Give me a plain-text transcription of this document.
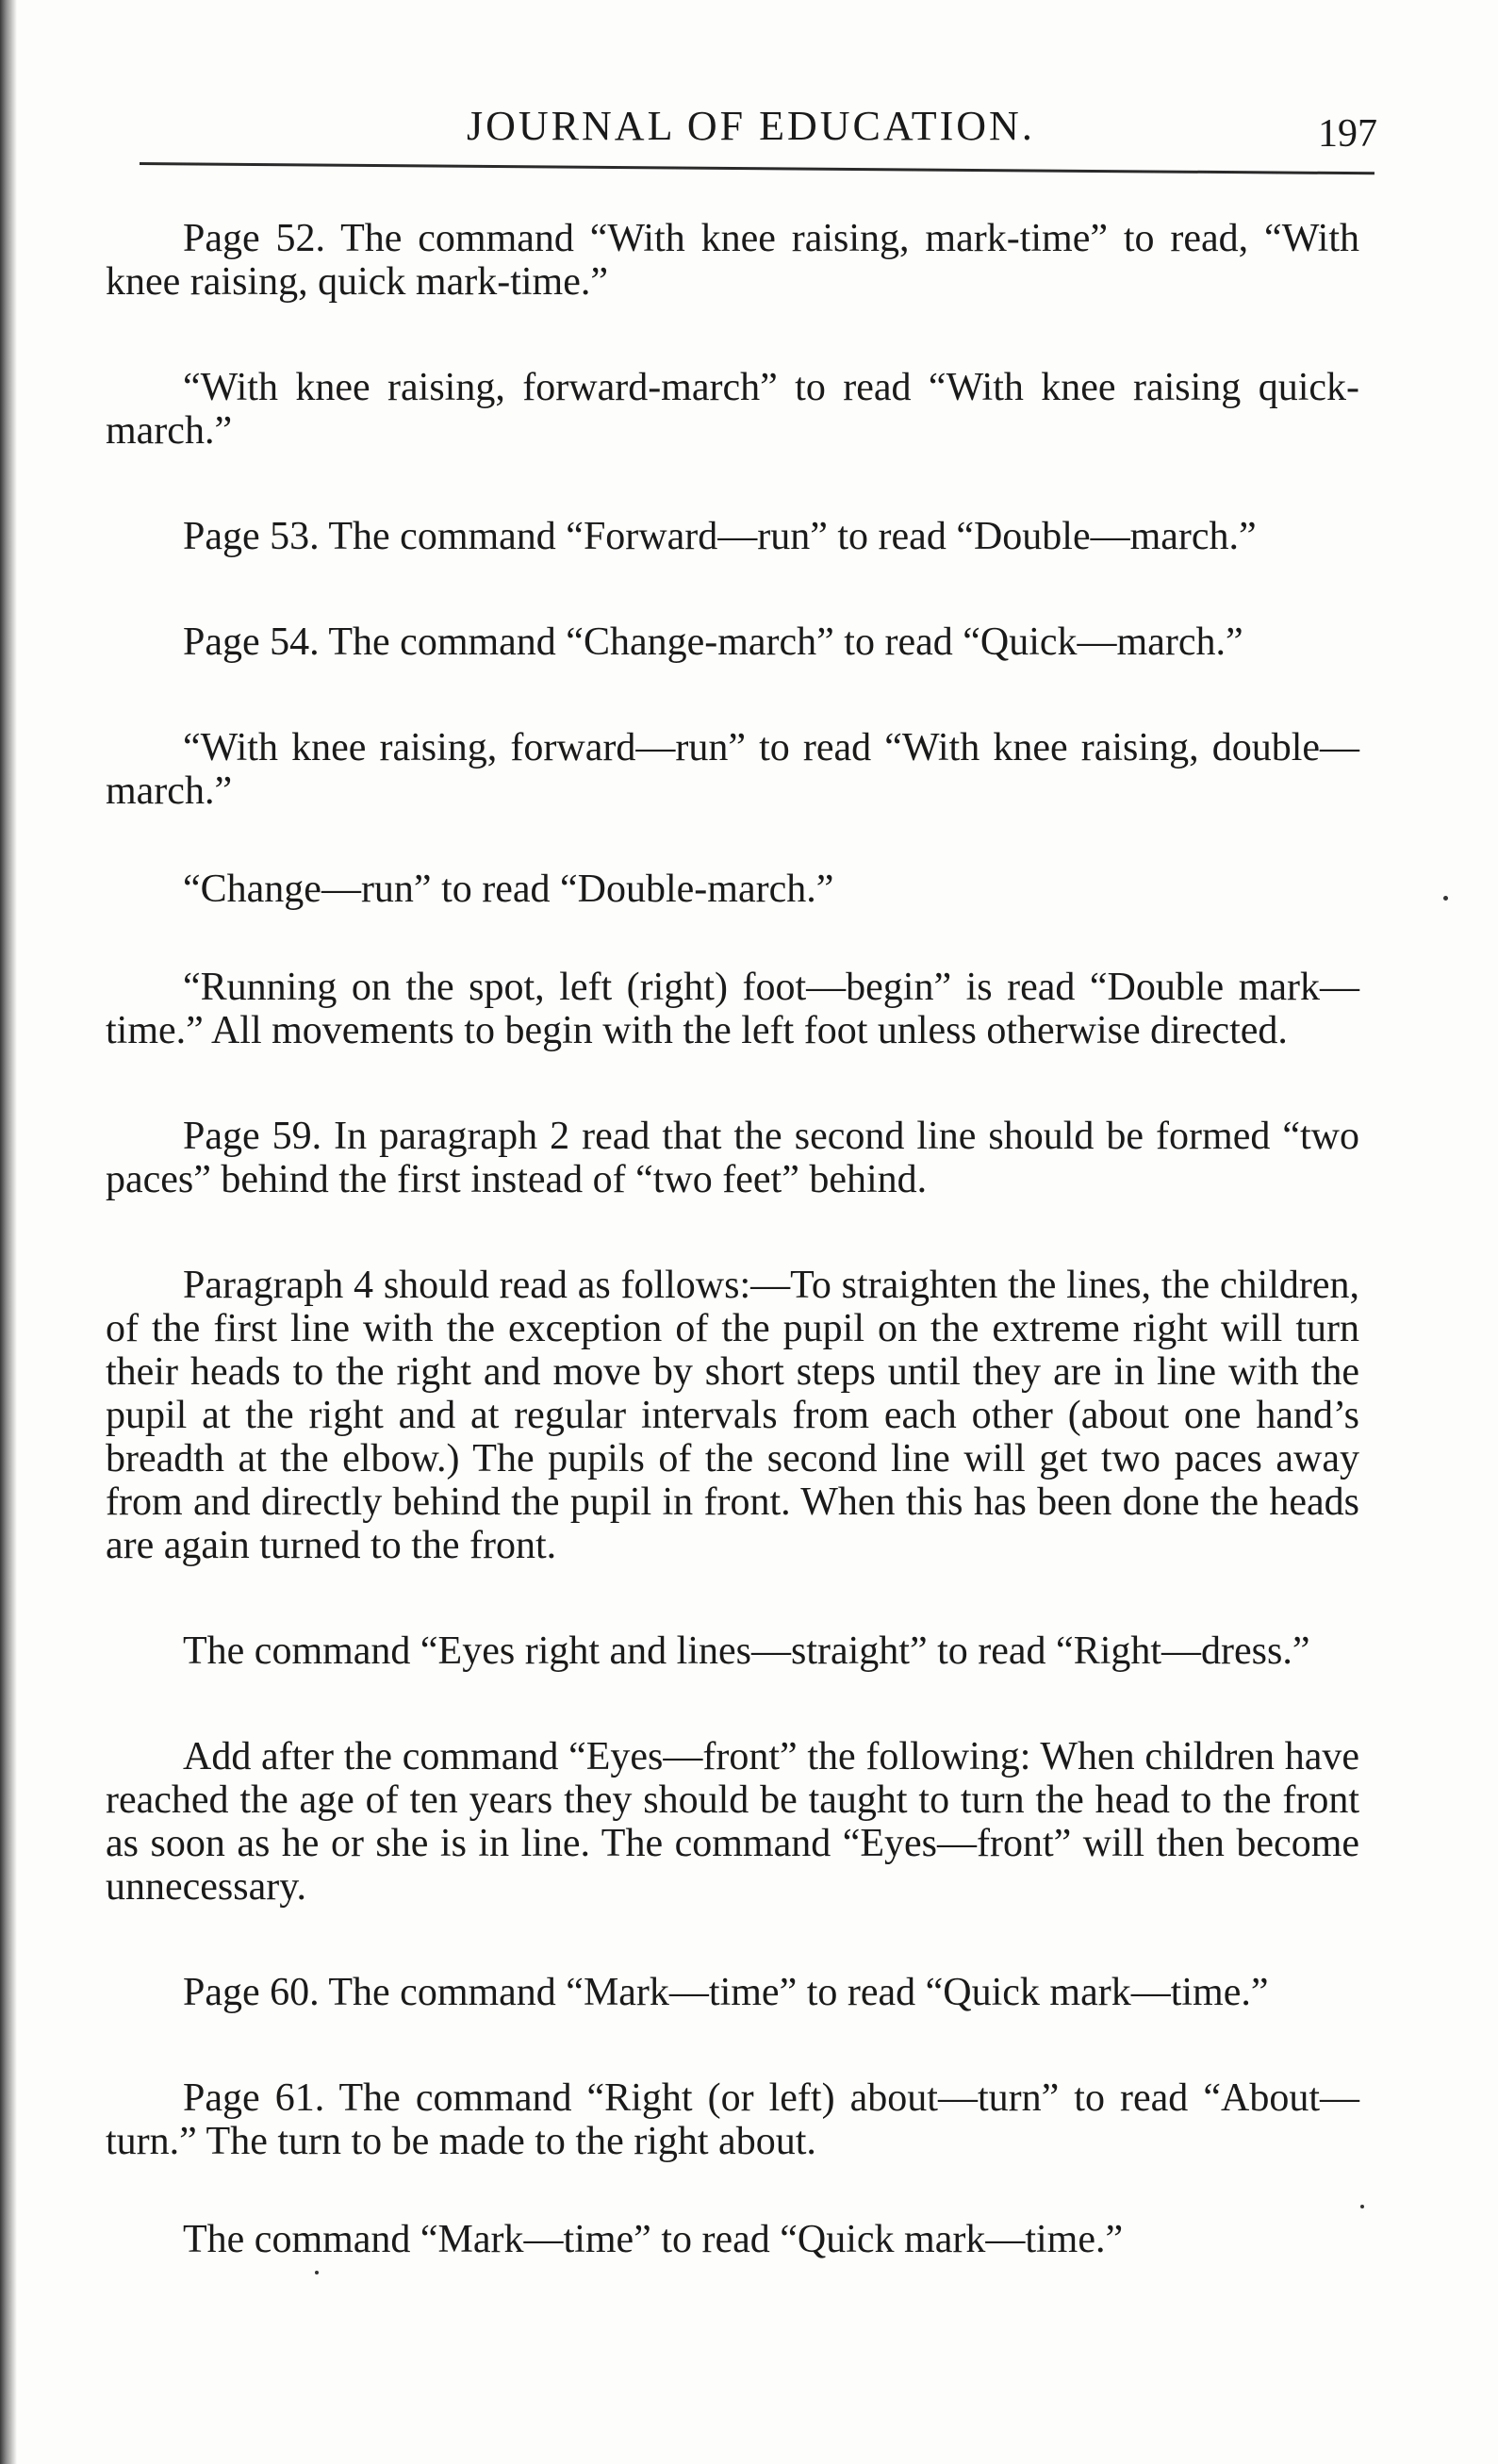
JOURNAL OF EDUCATION.	197

Page 52. The command “With knee raising, mark-time” to read, “With knee raising, quick mark-time.”

“With knee raising, forward-march” to read “With knee raising quick-march.”

Page 53. The command “Forward—run” to read “Double—march.”

Page 54. The command “Change-march” to read “Quick—march.”

“With knee raising, forward—run” to read “With knee raising, double—march.”

“Change—run” to read “Double-march.”

“Running on the spot, left (right) foot—begin” is read “Double mark—time.” All movements to begin with the left foot unless otherwise directed.

Page 59. In paragraph 2 read that the second line should be formed “two paces” behind the first instead of “two feet” behind.

Paragraph 4 should read as follows:—To straighten the lines, the children, of the first line with the exception of the pupil on the extreme right will turn their heads to the right and move by short steps until they are in line with the pupil at the right and at regular intervals from each other (about one hand’s breadth at the elbow.) The pupils of the second line will get two paces away from and directly behind the pupil in front. When this has been done the heads are again turned to the front.

The command “Eyes right and lines—straight” to read “Right—dress.”

Add after the command “Eyes—front” the following: When children have reached the age of ten years they should be taught to turn the head to the front as soon as he or she is in line. The command “Eyes—front” will then become unnecessary.

Page 60. The command “Mark—time” to read “Quick mark—time.”

Page 61. The command “Right (or left) about—turn” to read “About—turn.” The turn to be made to the right about.

The command “Mark—time” to read “Quick mark—time.”
